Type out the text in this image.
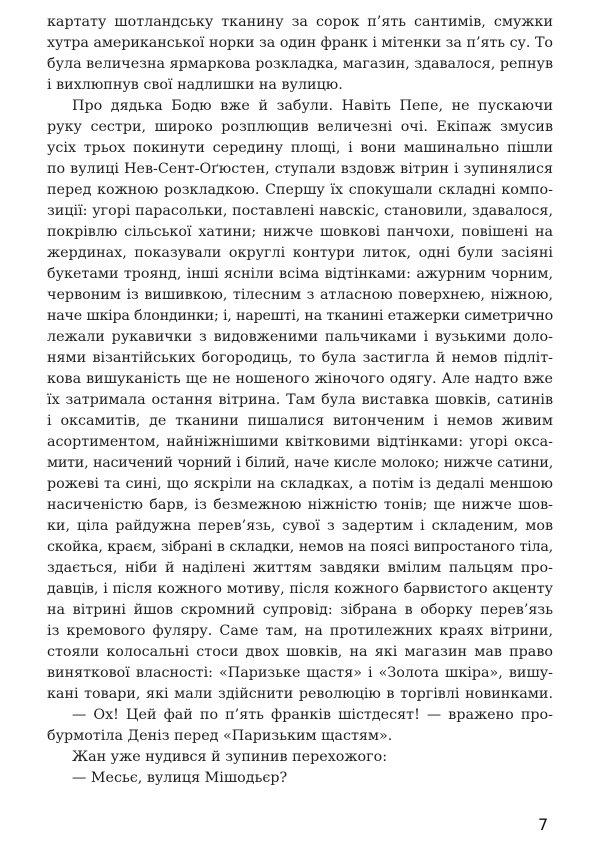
картату шотландську тканину за сорок п’ять сантимів, смужки
хутра американської норки за один франк і мітенки за п’ять су. То
була величезна ярмаркова розкладка, магазин, здавалося, репнув
і вихлюпнув свої надлишки на вулицю.
Про дядька Бодю вже й забули. Навіть Пепе, не пускаючи
руку сестри, широко розплющив величезні очі. Екіпаж змусив
усіх трьох покинути середину площі, і вони машинально пішли
по вулиці Нев-Сент-Оґюстен, ступали вздовж вітрин і зупинялися
перед кожною розкладкою. Спершу їх спокушали складні компо-
зиції: угорі парасольки, поставлені навскіс, становили, здавалося,
покрівлю сільської хатини; нижче шовкові панчохи, повішені на
жердинах, показували округлі контури литок, одні були засіяні
букетами троянд, інші ясніли всіма відтінками: ажурним чорним,
червоним із вишивкою, тілесним з атласною поверхнею, ніжною,
наче шкіра блондинки; і, нарешті, на тканині етажерки симетрично
лежали рукавички з видовженими пальчиками і вузькими доло-
нями візантійських богородиць, то була застигла й немов підліт-
кова вишуканість ще не ношеного жіночого одягу. Але надто вже
їх затримала остання вітрина. Там була виставка шовків, сатинів
і оксамитів, де тканини пишалися витонченим і немов живим
асортиментом, найніжнішими квітковими відтінками: угорі окса-
мити, насичений чорний і білий, наче кисле молоко; нижче сатини,
рожеві та сині, що яскріли на складках, а потім із дедалі меншою
насиченістю барв, із безмежною ніжністю тонів; ще нижче шов-
ки, ціла райдужна перев’язь, сувої з задертим і складеним, мов
скойка, краєм, зібрані в складки, немов на поясі випростаного тіла,
здається, ніби й наділені життям завдяки вмілим пальцям про-
давців, і після кожного мотиву, після кожного барвистого акценту
на вітрині йшов скромний супровід: зібрана в оборку перев’язь
із кремового фуляру. Саме там, на протилежних краях вітрини,
стояли колосальні стоси двох шовків, на які магазин мав право
виняткової власності: «Паризьке щастя» і «Золота шкіра», вишу-
кані товари, які мали здійснити революцію в торгівлі новинками.
— Ох! Цей фай по п’ять франків шістдесят! — вражено про-
бурмотіла Деніз перед «Паризьким щастям».
Жан уже нудився й зупинив перехожого:
— Месьє, вулиця Мішодьєр?
7
